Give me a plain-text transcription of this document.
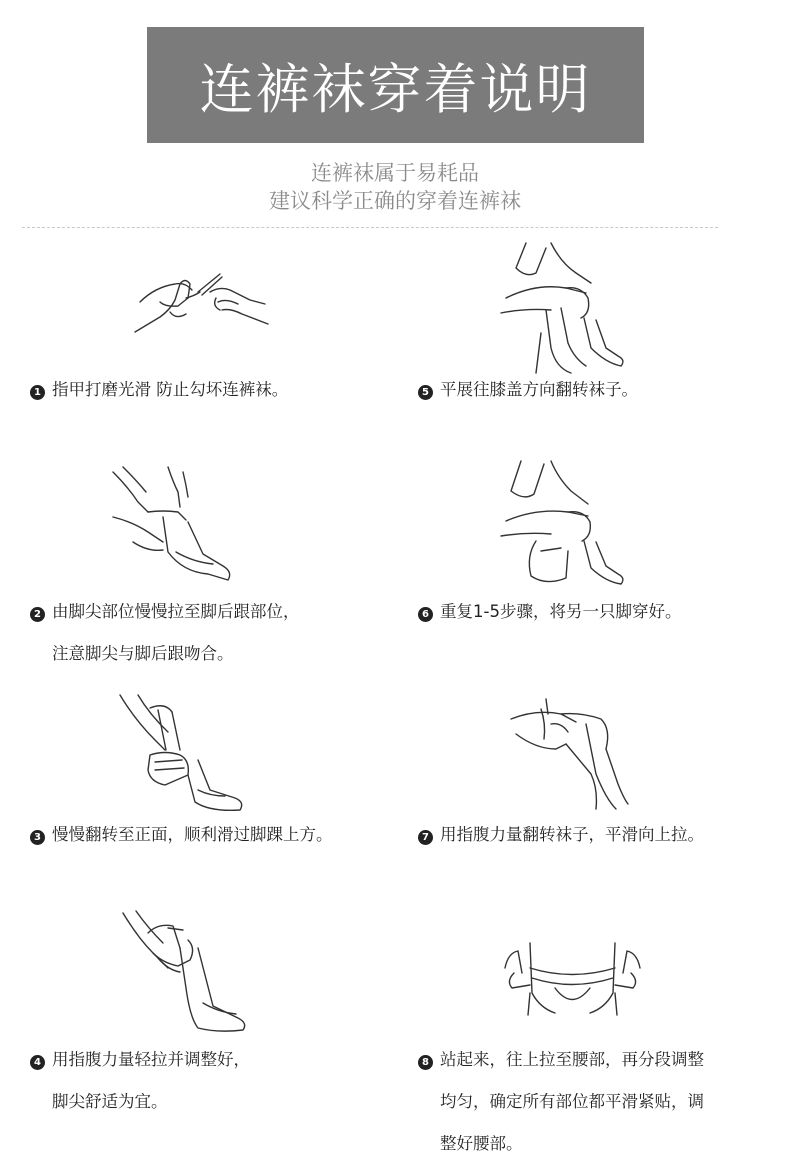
连裤袜穿着说明
连裤袜属于易耗品
建议科学正确的穿着连裤袜
1 指甲打磨光滑 防止勾坏连裤袜。
2 由脚尖部位慢慢拉至脚后跟部位，
注意脚尖与脚后跟吻合。
3 慢慢翻转至正面，顺利滑过脚踝上方。
4 用指腹力量轻拉并调整好，
脚尖舒适为宜。
5 平展往膝盖方向翻转袜子。
6 重复1-5步骤，将另一只脚穿好。
7 用指腹力量翻转袜子，平滑向上拉。
8 站起来，往上拉至腰部，再分段调整
均匀，确定所有部位都平滑紧贴，调
整好腰部。
